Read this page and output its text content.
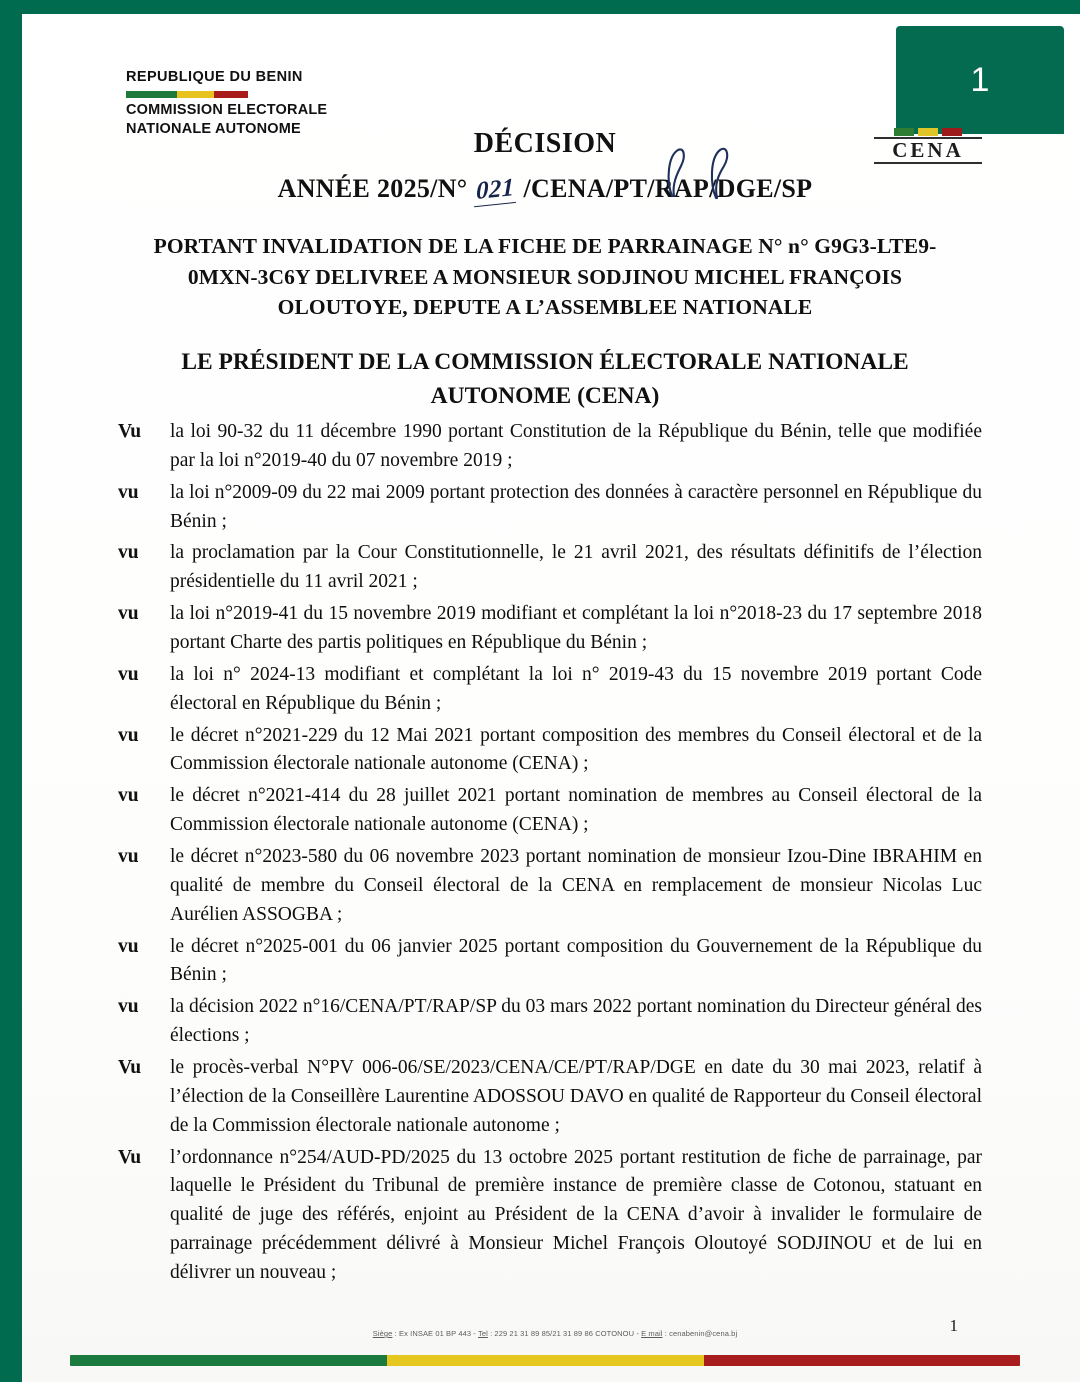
1
REPUBLIQUE DU BENIN
COMMISSION ELECTORALE
NATIONALE AUTONOME
CENA
DÉCISION
ANNÉE 2025/N° 021 /CENA/PT/RAP/DGE/SP
PORTANT INVALIDATION DE LA FICHE DE PARRAINAGE N° n° G9G3-LTE9-0MXN-3C6Y DELIVREE A MONSIEUR SODJINOU MICHEL FRANÇOIS OLOUTOYE, DEPUTE A L’ASSEMBLEE NATIONALE
LE PRÉSIDENT DE LA COMMISSION ÉLECTORALE NATIONALE AUTONOME (CENA)
Vu	la loi 90-32 du 11 décembre 1990 portant Constitution de la République du Bénin, telle que modifiée par la loi n°2019-40 du 07 novembre 2019 ;
vu	la loi n°2009-09 du 22 mai 2009 portant protection des données à caractère personnel en République du Bénin ;
vu	la proclamation par la Cour Constitutionnelle, le 21 avril 2021, des résultats définitifs de l’élection présidentielle du 11 avril 2021 ;
vu	la loi n°2019-41 du 15 novembre 2019 modifiant et complétant la loi n°2018-23 du 17 septembre 2018 portant Charte des partis politiques en République du Bénin ;
vu	la loi n° 2024-13 modifiant et complétant la loi n° 2019-43 du 15 novembre 2019 portant Code électoral en République du Bénin ;
vu	le décret n°2021-229 du 12 Mai 2021 portant composition des membres du Conseil électoral et de la Commission électorale nationale autonome (CENA) ;
vu	le décret n°2021-414 du 28 juillet 2021 portant nomination de membres au Conseil électoral de la Commission électorale nationale autonome (CENA) ;
vu	le décret n°2023-580 du 06 novembre 2023 portant nomination de monsieur Izou-Dine IBRAHIM en qualité de membre du Conseil électoral de la CENA en remplacement de monsieur Nicolas Luc Aurélien ASSOGBA ;
vu	le décret n°2025-001 du 06 janvier 2025 portant composition du Gouvernement de la République du Bénin ;
vu	la décision 2022 n°16/CENA/PT/RAP/SP du 03 mars 2022 portant nomination du Directeur général des élections ;
Vu	le procès-verbal N°PV 006-06/SE/2023/CENA/CE/PT/RAP/DGE en date du 30 mai 2023, relatif à l’élection de la Conseillère Laurentine ADOSSOU DAVO en qualité de Rapporteur du Conseil électoral de la Commission électorale nationale autonome ;
Vu	l’ordonnance n°254/AUD-PD/2025 du 13 octobre 2025 portant restitution de fiche de parrainage, par laquelle le Président du Tribunal de première instance de première classe de Cotonou, statuant en qualité de juge des référés, enjoint au Président de la CENA d’avoir à invalider le formulaire de parrainage précédemment délivré à Monsieur Michel François Oloutoyé SODJINOU et de lui en délivrer un nouveau ;
Siège : Ex INSAE 01 BP 443 - Tel : 229 21 31 89 85/21 31 89 86 COTONOU - E mail : cenabenin@cena.bj	1
